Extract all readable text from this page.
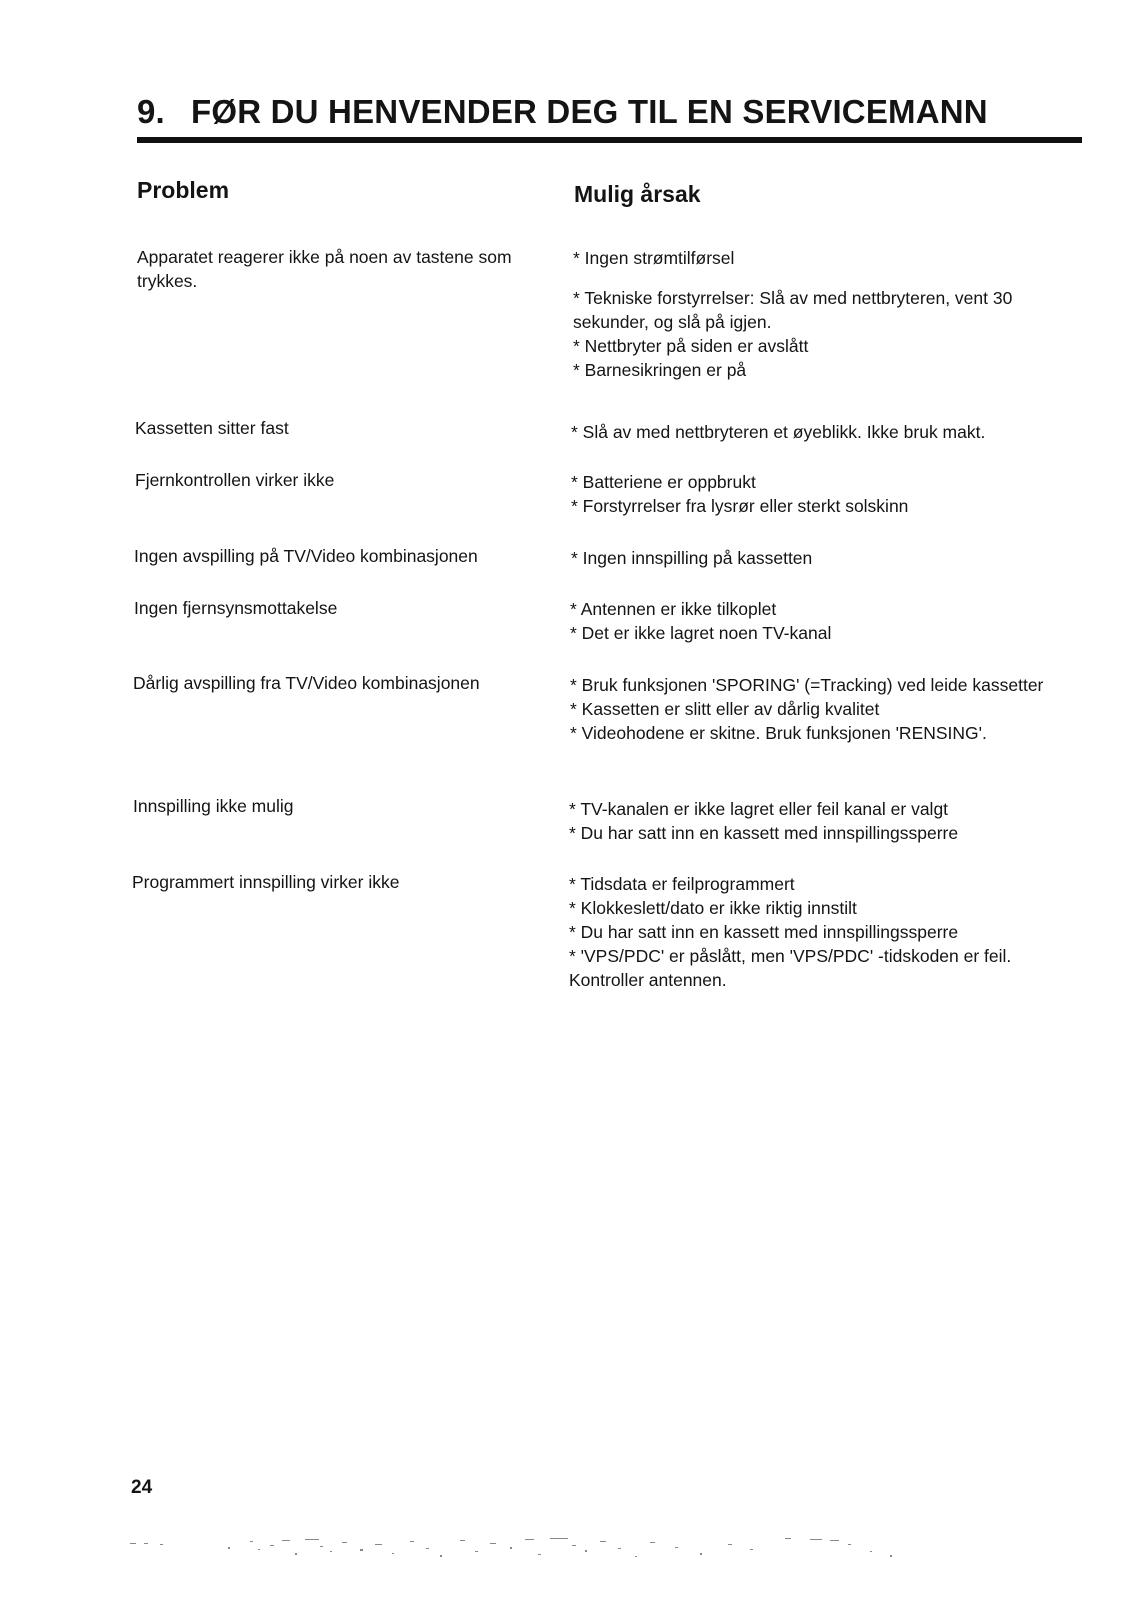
9. FØR DU HENVENDER DEG TIL EN SERVICEMANN
Problem	Mulig årsak
Apparatet reagerer ikke på noen av tastene som trykkes.
* Ingen strømtilførsel
* Tekniske forstyrrelser: Slå av med nettbryteren, vent 30 sekunder, og slå på igjen.
* Nettbryter på siden er avslått
* Barnesikringen er på
Kassetten sitter fast	* Slå av med nettbryteren et øyeblikk. Ikke bruk makt.
Fjernkontrollen virker ikke	* Batteriene er oppbrukt
* Forstyrrelser fra lysrør eller sterkt solskinn
Ingen avspilling på TV/Video kombinasjonen	* Ingen innspilling på kassetten
Ingen fjernsynsmottakelse	* Antennen er ikke tilkoplet
* Det er ikke lagret noen TV-kanal
Dårlig avspilling fra TV/Video kombinasjonen	* Bruk funksjonen 'SPORING' (=Tracking) ved leide kassetter
* Kassetten er slitt eller av dårlig kvalitet
* Videohodene er skitne. Bruk funksjonen 'RENSING'.
Innspilling ikke mulig	* TV-kanalen er ikke lagret eller feil kanal er valgt
* Du har satt inn en kassett med innspillingssperre
Programmert innspilling virker ikke	* Tidsdata er feilprogrammert
* Klokkeslett/dato er ikke riktig innstilt
* Du har satt inn en kassett med innspillingssperre
* 'VPS/PDC' er påslått, men 'VPS/PDC' -tidskoden er feil. Kontroller antennen.
24
